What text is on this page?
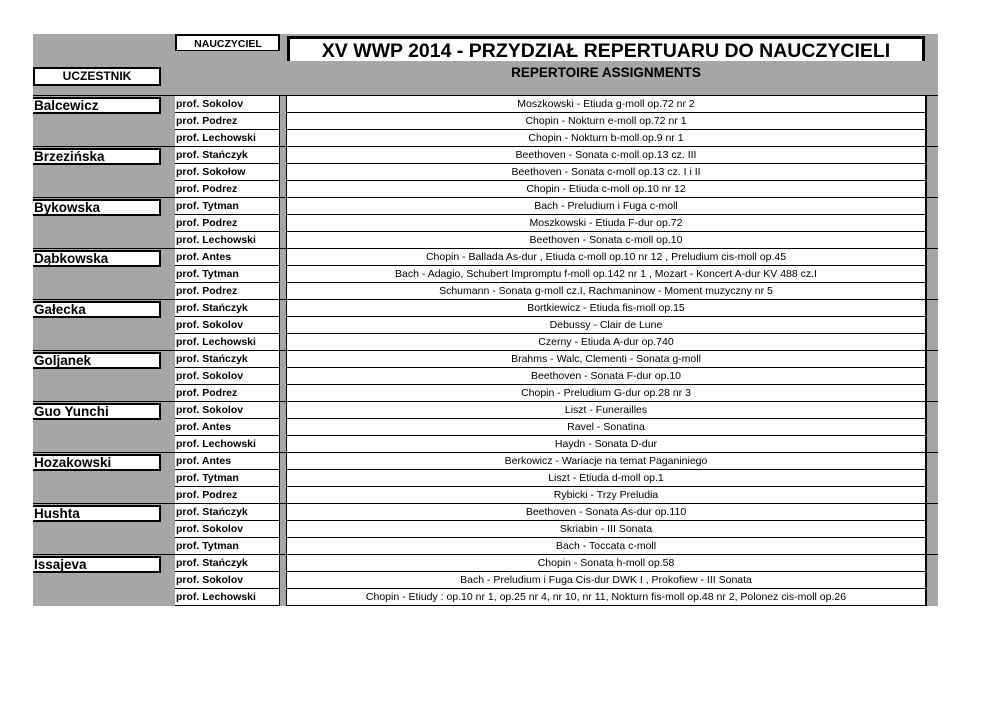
XV WWP 2014 - PRZYDZIAŁ REPERTUARU DO NAUCZYCIELI
REPERTOIRE ASSIGNMENTS
UCZESTNIK
NAUCZYCIEL
Balcewicz	prof. Sokolov	Moszkowski - Etiuda g-moll op.72 nr 2
prof. Podrez	Chopin - Nokturn e-moll op.72 nr 1
prof. Lechowski	Chopin - Nokturn b-moll op.9 nr 1
Brzezińska	prof. Stańczyk	Beethoven - Sonata c-moll op.13 cz. III
prof. Sokołow	Beethoven - Sonata c-moll op.13 cz. I i II
prof. Podrez	Chopin - Etiuda c-moll op.10 nr 12
Bykowska	prof. Tytman	Bach - Preludium i Fuga c-moll
prof. Podrez	Moszkowski - Etiuda F-dur op.72
prof. Lechowski	Beethoven - Sonata c-moll op.10
Dąbkowska	prof. Antes	Chopin - Ballada As-dur , Etiuda c-moll op.10 nr 12 , Preludium cis-moll op.45
prof. Tytman	Bach - Adagio, Schubert Impromptu f-moll op.142 nr 1 , Mozart - Koncert A-dur KV 488 cz.I
prof. Podrez	Schumann - Sonata g-moll cz.I, Rachmaninow - Moment muzyczny nr 5
Gałecka	prof. Stańczyk	Bortkiewicz - Etiuda fis-moll op.15
prof. Sokolov	Debussy - Clair de Lune
prof. Lechowski	Czerny - Etiuda A-dur op.740
Goljanek	prof. Stańczyk	Brahms - Walc, Clementi - Sonata g-moll
prof. Sokolov	Beethoven - Sonata F-dur op.10
prof. Podrez	Chopin - Preludium G-dur op.28 nr 3
Guo Yunchi	prof. Sokolov	Liszt - Funerailles
prof. Antes	Ravel - Sonatina
prof. Lechowski	Haydn - Sonata D-dur
Hozakowski	prof. Antes	Berkowicz - Wariacje na temat Paganiniego
prof. Tytman	Liszt - Etiuda d-moll op.1
prof. Podrez	Rybicki - Trzy Preludia
Hushta	prof. Stańczyk	Beethoven - Sonata As-dur op.110
prof. Sokolov	Skriabin - III Sonata
prof. Tytman	Bach - Toccata c-moll
Issajeva	prof. Stańczyk	Chopin - Sonata h-moll op.58
prof. Sokolov	Bach - Preludium i Fuga Cis-dur DWK I , Prokofiew - III Sonata
prof. Lechowski	Chopin - Etiudy : op.10 nr 1, op.25 nr 4, nr 10, nr 11, Nokturn fis-moll op.48 nr 2, Polonez cis-moll op.26
